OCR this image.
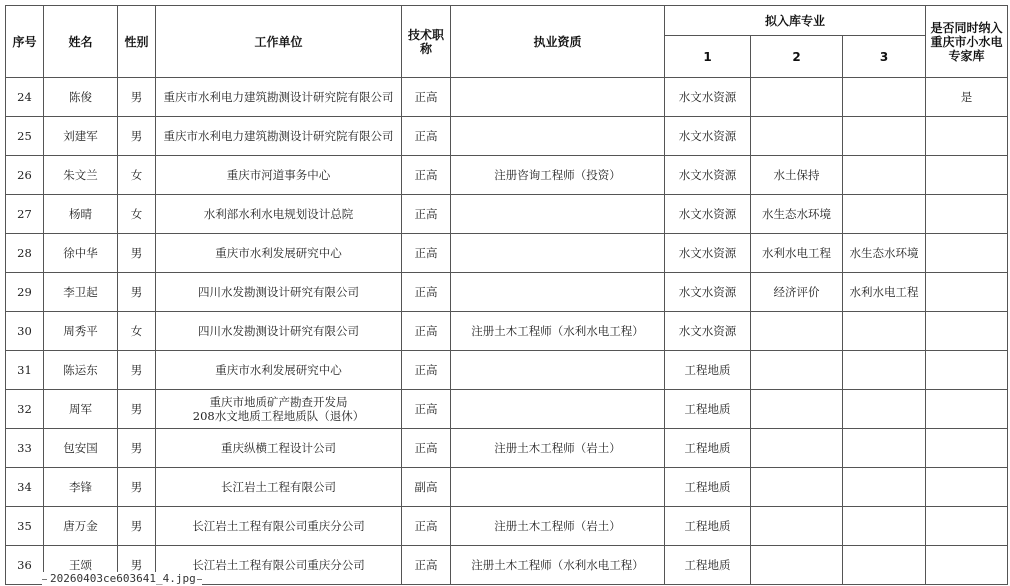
序号	姓名	性别	工作单位	技术职称	执业资质	拟入库专业			是否同时纳入重庆市小水电专家库
						1	2	3	
24	陈俊	男	重庆市水利电力建筑勘测设计研究院有限公司	正高		水文水资源			是
25	刘建军	男	重庆市水利电力建筑勘测设计研究院有限公司	正高		水文水资源			
26	朱文兰	女	重庆市河道事务中心	正高	注册咨询工程师（投资）	水文水资源	水土保持		
27	杨晴	女	水利部水利水电规划设计总院	正高		水文水资源	水生态水环境		
28	徐中华	男	重庆市水利发展研究中心	正高		水文水资源	水利水电工程	水生态水环境	
29	李卫起	男	四川水发勘测设计研究有限公司	正高		水文水资源	经济评价	水利水电工程	
30	周秀平	女	四川水发勘测设计研究有限公司	正高	注册土木工程师（水利水电工程）	水文水资源			
31	陈运东	男	重庆市水利发展研究中心	正高		工程地质			
32	周军	男	重庆市地质矿产勘查开发局
208水文地质工程地质队（退休）	正高		工程地质			
33	包安国	男	重庆纵横工程设计公司	正高	注册土木工程师（岩土）	工程地质			
34	李锋	男	长江岩土工程有限公司	副高		工程地质			
35	唐万金	男	长江岩土工程有限公司重庆分公司	正高	注册土木工程师（岩土）	工程地质			
36	王颂	男	长江岩土工程有限公司重庆分公司	正高	注册土木工程师（水利水电工程）	工程地质			
20260403ce603641_4.jpg
